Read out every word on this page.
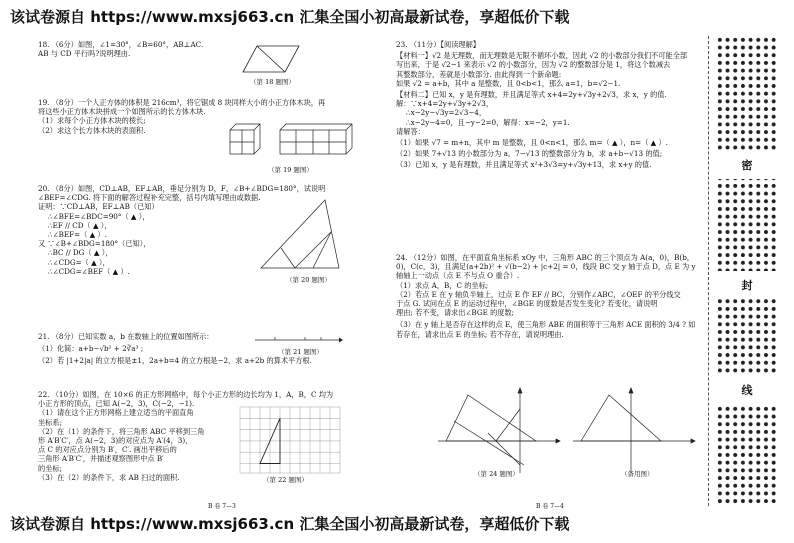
该试卷源自 https://www.mxsj663.cn 汇集全国小初高最新试卷，享超低价下载
该试卷源自 https://www.mxsj663.cn 汇集全国小初高最新试卷，享超低价下载

18. （6分）如图，∠1=30°，∠B=60°，AB⊥AC.

AB 与 CD 平行吗?说明理由.

（第 18 题图）

19. （8分）一个人正方体的体积是 216cm³，将它锯成 8 块同样大小的小正方体木块，再

将这些小正方体木块拼成一个如图所示的长方体木块.

（1）求每个小正方体木块的棱长;

（2）求这个长方体木块的表面积.

（第 19 题图）

20. （8分）如图，CD⊥AB，EF⊥AB，垂足分别为 D，F，∠B+∠BDG=180°，试说明

∠BEF=∠CDG. 将下面的解答过程补充完整，括号内填写理由或数据.

证明：∵CD⊥AB，EF⊥AB（已知）

∴∠BFE=∠BDC=90°（ ▲ ），

∴EF // CD（ ▲ ），

∴∠BEF=（ ▲ ）.

又 ∵∠B+∠BDG=180°（已知），

∴BC // DG（ ▲ ），

∴∠CDG=（ ▲ ），

∴∠CDG=∠BEF（ ▲ ）.

（第 20 题图）

21. （8分）已知实数 a，b 在数轴上的位置如图所示：

（1）化简：a+b−√b² + 2∛a³ ;

（2）若 |1+2|a| 的立方根是±1，2a+b=4 的立方根是−2，求 a+2b 的算术平方根.

（第 21 题图）

22. （10分）如图，在 10×6 的正方形网格中，每个小正方形的边长均为 1，A，B，C 均为

小正方形的顶点，已知 A(−2，3)，C(−2，−1).

（1）请在这个正方形网格上建立适当的平面直角

坐标系;

（2）在（1）的条件下，将三角形 ABC 平移到三角

形 A′B′C′，点 A(−2，3)的对应点为 A′(4，3)，

点 C 的对应点分别为 B′，C′. 画出平移后的

三角形 A′B′C′，并描述观察图形中点 B′

的坐标;

（3）在（2）的条件下，求 AB 扫过的面积.	（第 22 题图）
B 卷 7—3

23. （11分）【阅读理解】

【材料一】√2 是无理数，而无理数是无限不循环小数，因此 √2 的小数部分我们不可能全部

写出来，于是 √2−1 来表示 √2 的小数部分，因为 √2 的整数部分是 1，将这个数减去

其整数部分，差就是小数部分. 由此得到一个新命题:

如果 √2 = a+b，其中 a 是整数，且 0<b<1，那么 a=1，b=√2−1.

【材料二】已知 x，y 是有理数，并且满足等式 x+4=2y+√3y+2√3，求 x，y 的值.

解：∵x+4=2y+√3y+2√3，

∴x−2y−√3y=2√3−4，

∴x−2y−4=0，且−y−2=0，解得：x=−2，y=1.

请解答：

（1）如果 √7 = m+n，其中 m 是整数，且 0<n<1，那么 m=（ ▲ ），n=（ ▲ ）.

（2）如果 7+√13 的小数部分为 a，7−√13 的整数部分为 b，求 a+b−√13 的值;

（3）已知 x，y 是有理数，并且满足等式 x²+3√3=y+√3y+13，求 x+y 的值.

24. （12分）如图，在平面直角坐标系 xOy 中，三角形 ABC 的三个顶点为 A(a，0)，B(b，

0)，C(c，3)，且满足(a+2b)² + √(b−2) + |c+2| = 0，线段 BC 交 y 轴于点 D，点 E 为 y

轴轴上一动点（点 E 不与点 O 重合）.

（1）求点 A，B，C 的坐标;

（2）若点 E 在 y 轴负半轴上，过点 E 作 EF // BC，分别作∠ABC，∠OEF 的平分线交

于点 G. 试问在点 E 的运动过程中，∠BGE 的度数是否发生变化? 若变化，请说明

理由; 若不变，请求出∠BGE 的度数;

（3）在 y 轴上是否存在这样的点 E，使三角形 ABE 的面积等于三角形 ACE 面积的 3/4 ? 如

若存在，请求出点 E 的坐标; 若不存在，请说明理由.

（第 24 题图）	（备用图）
B 卷 7—4
密
封
线
